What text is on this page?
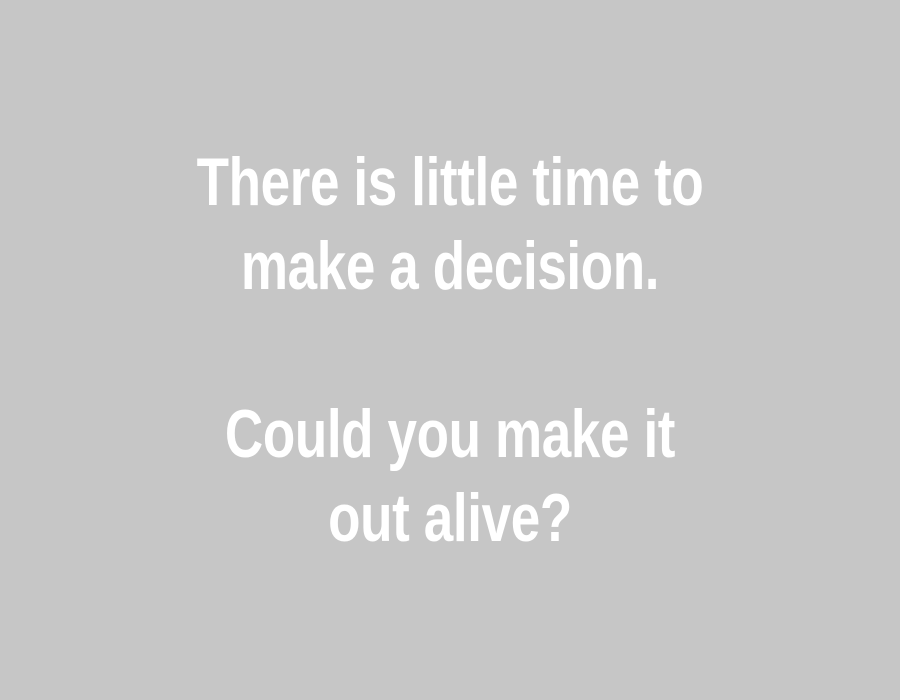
There is little time to
make a decision.
Could you make it
out alive?
